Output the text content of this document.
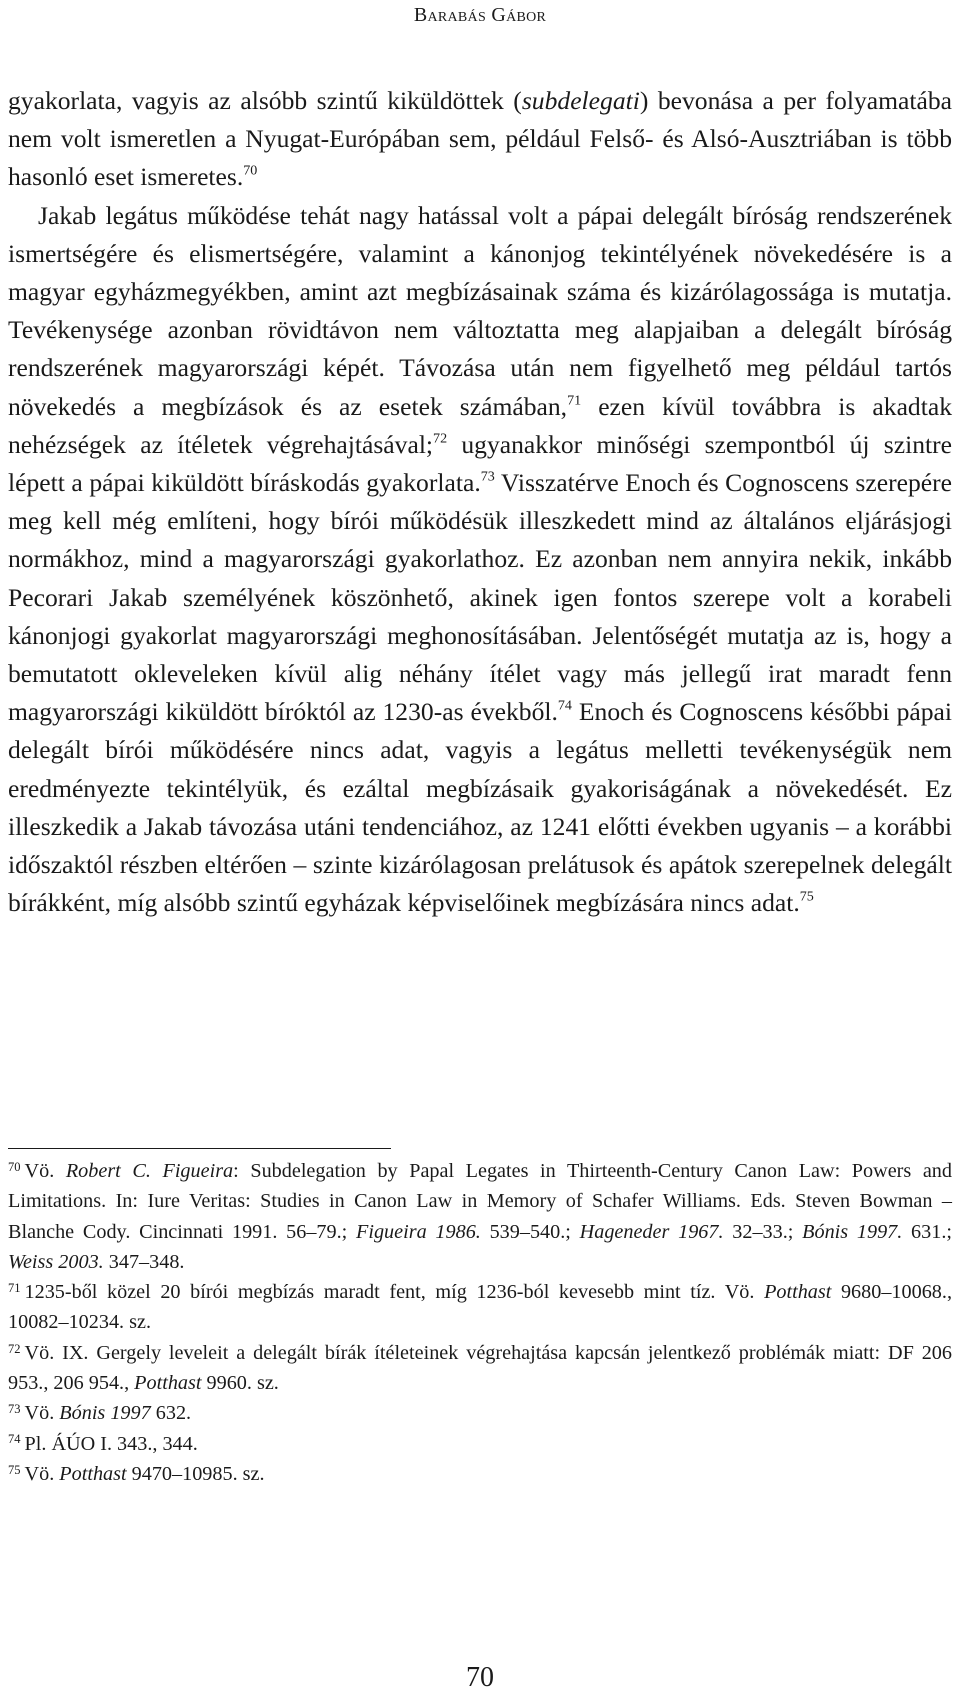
Barabás Gábor

gyakorlata, vagyis az alsóbb szintű kiküldöttek (subdelegati) bevonása a per folyamatába nem volt ismeretlen a Nyugat-Európában sem, például Felső- és Alsó-Ausztriában is több hasonló eset ismeretes.$^{70}$

Jakab legátus működése tehát nagy hatással volt a pápai delegált bíróság rendszerének ismertségére és elismertségére, valamint a kánonjog tekintélyének növekedésére is a magyar egyházmegyékben, amint azt megbízásainak száma és kizárólagossága is mutatja. Tevékenysége azonban rövidtávon nem változtatta meg alapjaiban a delegált bíróság rendszerének magyarországi képét. Távozása után nem figyelhető meg például tartós növekedés a megbízások és az esetek számában,$^{71}$ ezen kívül továbbra is akadtak nehézségek az ítéletek végrehajtásával;$^{72}$ ugyanakkor minőségi szempontból új szintre lépett a pápai kiküldött bíráskodás gyakorlata.$^{73}$ Visszatérve Enoch és Cognoscens szerepére meg kell még említeni, hogy bírói működésük illeszkedett mind az általános eljárásjogi normákhoz, mind a magyarországi gyakorlathoz. Ez azonban nem annyira nekik, inkább Pecorari Jakab személyének köszönhető, akinek igen fontos szerepe volt a korabeli kánonjogi gyakorlat magyarországi meghonosításában. Jelentőségét mutatja az is, hogy a bemutatott okleveleken kívül alig néhány ítélet vagy más jellegű irat maradt fenn magyarországi kiküldött bíróktól az 1230-as évekből.$^{74}$ Enoch és Cognoscens későbbi pápai delegált bírói működésére nincs adat, vagyis a legátus melletti tevékenységük nem eredményezte tekintélyük, és ezáltal megbízásaik gyakoriságának a növekedését. Ez illeszkedik a Jakab távozása utáni tendenciához, az 1241 előtti években ugyanis – a korábbi időszaktól részben eltérően – szinte kizárólagosan prelátusok és apátok szerepelnek delegált bírákként, míg alsóbb szintű egyházak képviselőinek megbízására nincs adat.$^{75}$

$^{70}$ Vö. Robert C. Figueira: Subdelegation by Papal Legates in Thirteenth-Century Canon Law: Powers and Limitations. In: Iure Veritas: Studies in Canon Law in Memory of Schafer Williams. Eds. Steven Bowman – Blanche Cody. Cincinnati 1991. 56–79.; Figueira 1986. 539–540.; Hageneder 1967. 32–33.; Bónis 1997. 631.; Weiss 2003. 347–348.

$^{71}$ 1235-ből közel 20 bírói megbízás maradt fent, míg 1236-ból kevesebb mint tíz. Vö. Potthast 9680–10068., 10082–10234. sz.

$^{72}$ Vö. IX. Gergely leveleit a delegált bírák ítéleteinek végrehajtása kapcsán jelentkező problémák miatt: DF 206 953., 206 954., Potthast 9960. sz.

$^{73}$ Vö. Bónis 1997 632.

$^{74}$ Pl. ÁÚO I. 343., 344.

$^{75}$ Vö. Potthast 9470–10985. sz.

70
